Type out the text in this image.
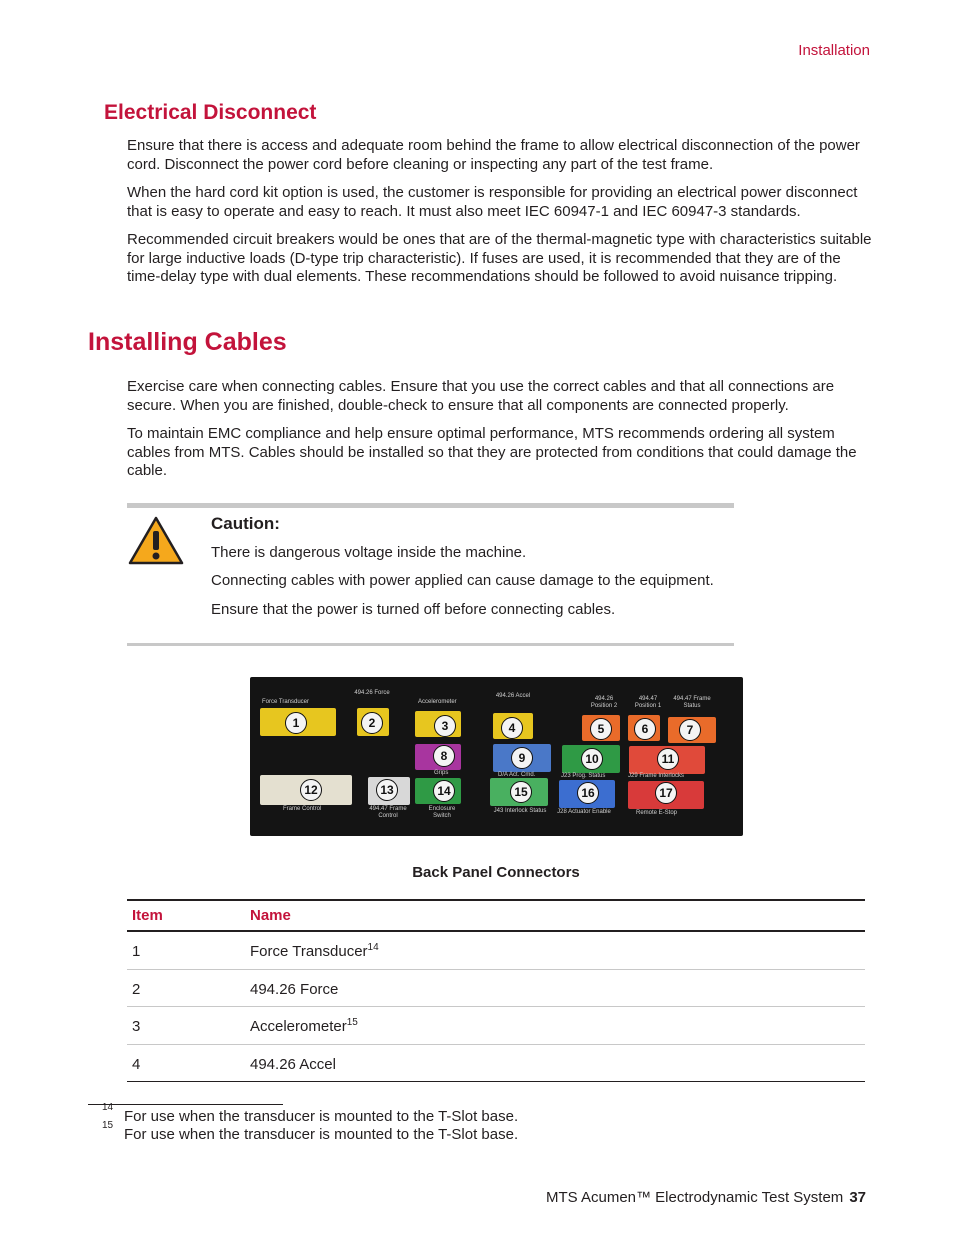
Installation
Electrical Disconnect

Ensure that there is access and adequate room behind the frame to allow electrical disconnection of the power cord. Disconnect the power cord before cleaning or inspecting any part of the test frame.

When the hard cord kit option is used, the customer is responsible for providing an electrical power disconnect that is easy to operate and easy to reach. It must also meet IEC 60947-1 and IEC 60947-3 standards.

Recommended circuit breakers would be ones that are of the thermal-magnetic type with characteristics suitable for large inductive loads (D-type trip characteristic). If fuses are used, it is recommended that they are of the time-delay type with dual elements. These recommendations should be followed to avoid nuisance tripping.

Installing Cables

Exercise care when connecting cables. Ensure that you use the correct cables and that all connections are secure. When you are finished, double-check to ensure that all components are connected properly.

To maintain EMC compliance and help ensure optimal performance, MTS recommends ordering all system cables from MTS. Cables should be installed so that they are protected from conditions that could damage the cable.

Caution:
There is dangerous voltage inside the machine.
Connecting cables with power applied can cause damage to the equipment.
Ensure that the power is turned off before connecting cables.
Force Transducer
494.26 Force
Accelerometer
494.26 Accel	494.26 Position 2
494.47 Position 1
494.47 Frame Status
Grips	D/A Act. Cmd.	J23 Prog. Status	J29 Frame Interlocks
Frame Control	494.47 Frame Control
Enclosure Switch
J43 Interlock Status J28 Actuator Enable	Remote E-Stop
1	2	3	4	5	6	7
8	9	10	11
12	13	14	15	16	17
Back Panel Connectors
Item	Name
1	Force Transducer$^{14}$
2	494.26 Force
3	Accelerometer$^{15}$
4	494.26 Accel
14
For use when the transducer is mounted to the T-Slot base.
15
For use when the transducer is mounted to the T-Slot base.
MTS Acumen™ Electrodynamic Test System 37
